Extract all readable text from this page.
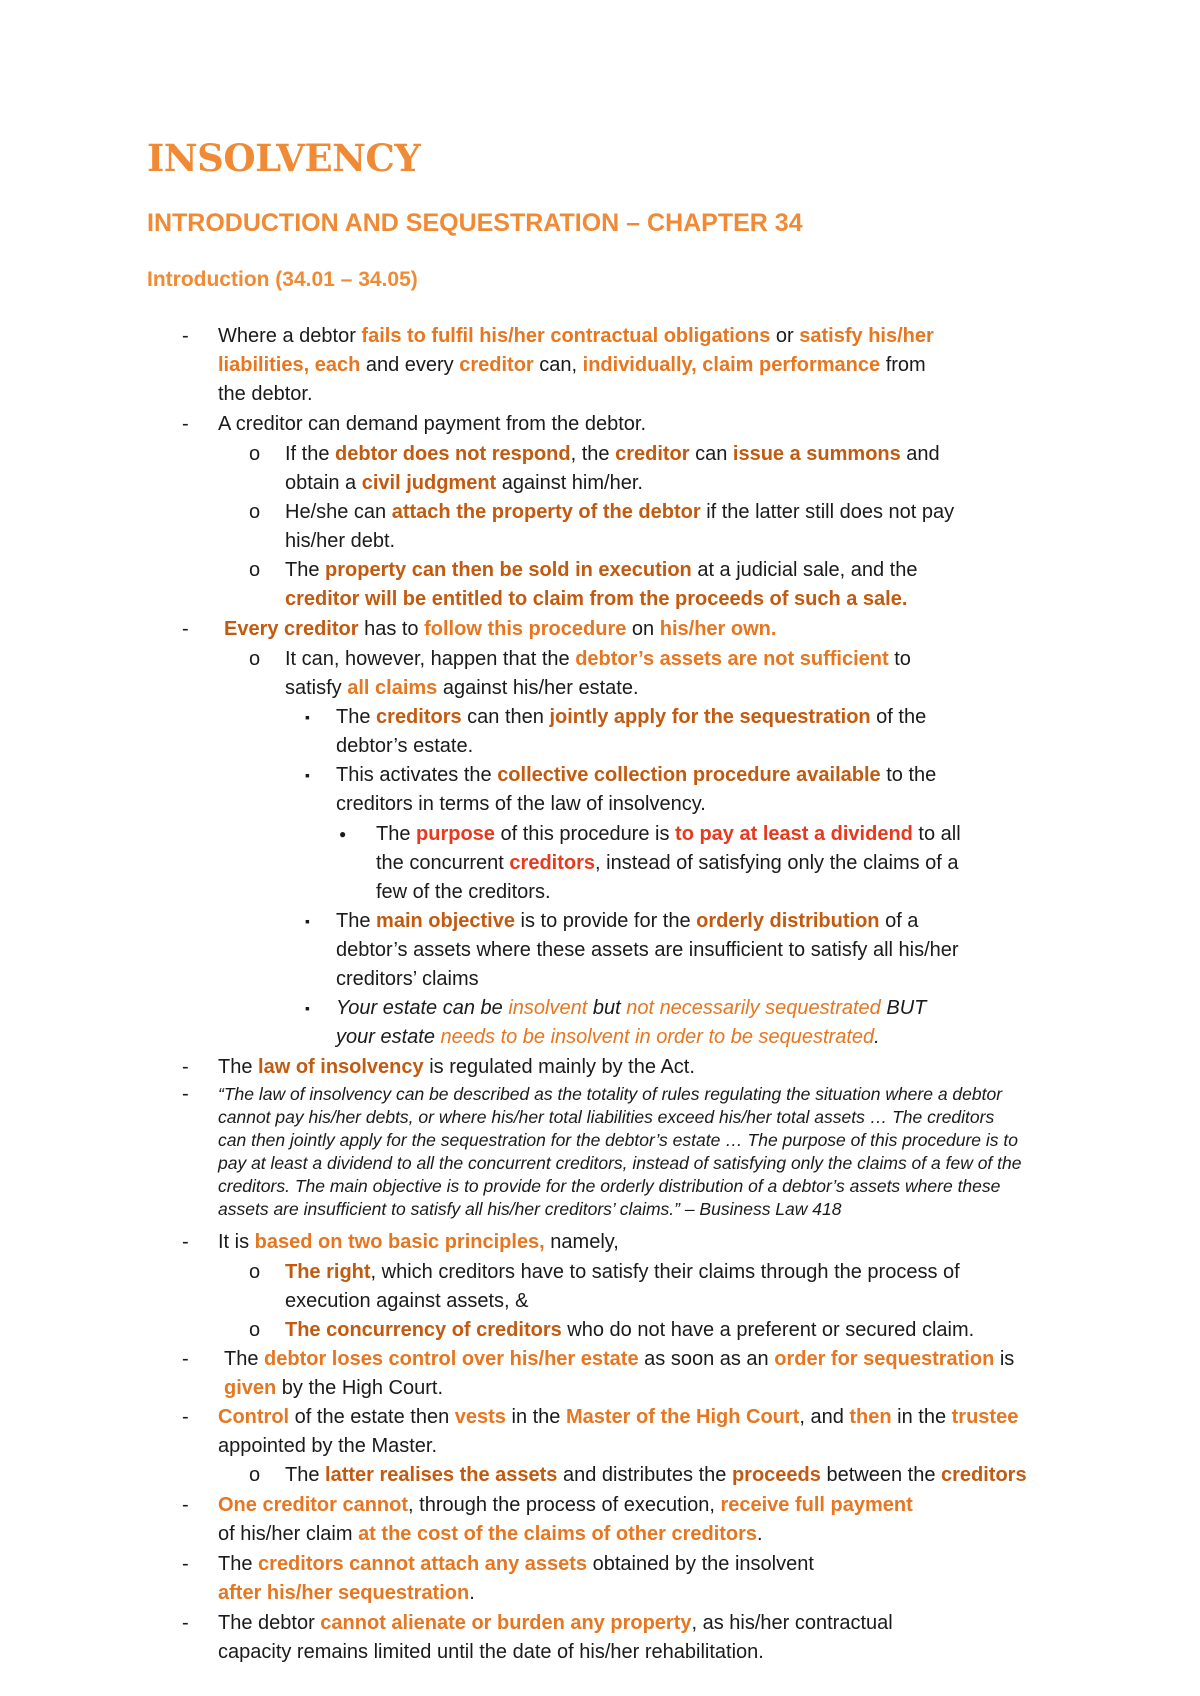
INSOLVENCY
INTRODUCTION AND SEQUESTRATION – CHAPTER 34
Introduction (34.01 – 34.05)
- Where a debtor fails to fulfil his/her contractual obligations or satisfy his/her
liabilities, each and every creditor can, individually, claim performance from
the debtor.
- A creditor can demand payment from the debtor.
o If the debtor does not respond, the creditor can issue a summons and
obtain a civil judgment against him/her.
o He/she can attach the property of the debtor if the latter still does not pay
his/her debt.
o The property can then be sold in execution at a judicial sale, and the
creditor will be entitled to claim from the proceeds of such a sale.
- Every creditor has to follow this procedure on his/her own.
o It can, however, happen that the debtor’s assets are not sufficient to
satisfy all claims against his/her estate.
▪ The creditors can then jointly apply for the sequestration of the
debtor’s estate.
▪ This activates the collective collection procedure available to the
creditors in terms of the law of insolvency.
● The purpose of this procedure is to pay at least a dividend to all
the concurrent creditors, instead of satisfying only the claims of a
few of the creditors.
▪ The main objective is to provide for the orderly distribution of a
debtor’s assets where these assets are insufficient to satisfy all his/her
creditors’ claims
▪ Your estate can be insolvent but not necessarily sequestrated BUT
your estate needs to be insolvent in order to be sequestrated.
- The law of insolvency is regulated mainly by the Act.
- “The law of insolvency can be described as the totality of rules regulating the situation where a debtor
cannot pay his/her debts, or where his/her total liabilities exceed his/her total assets … The creditors
can then jointly apply for the sequestration for the debtor’s estate … The purpose of this procedure is to
pay at least a dividend to all the concurrent creditors, instead of satisfying only the claims of a few of the
creditors. The main objective is to provide for the orderly distribution of a debtor’s assets where these
assets are insufficient to satisfy all his/her creditors’ claims.” – Business Law 418
- It is based on two basic principles, namely,
o The right, which creditors have to satisfy their claims through the process of
execution against assets, &
o The concurrency of creditors who do not have a preferent or secured claim.
- The debtor loses control over his/her estate as soon as an order for sequestration is
given by the High Court.
- Control of the estate then vests in the Master of the High Court, and then in the trustee
appointed by the Master.
o The latter realises the assets and distributes the proceeds between the creditors
- One creditor cannot, through the process of execution, receive full payment
of his/her claim at the cost of the claims of other creditors.
- The creditors cannot attach any assets obtained by the insolvent
after his/her sequestration.
- The debtor cannot alienate or burden any property, as his/her contractual
capacity remains limited until the date of his/her rehabilitation.
